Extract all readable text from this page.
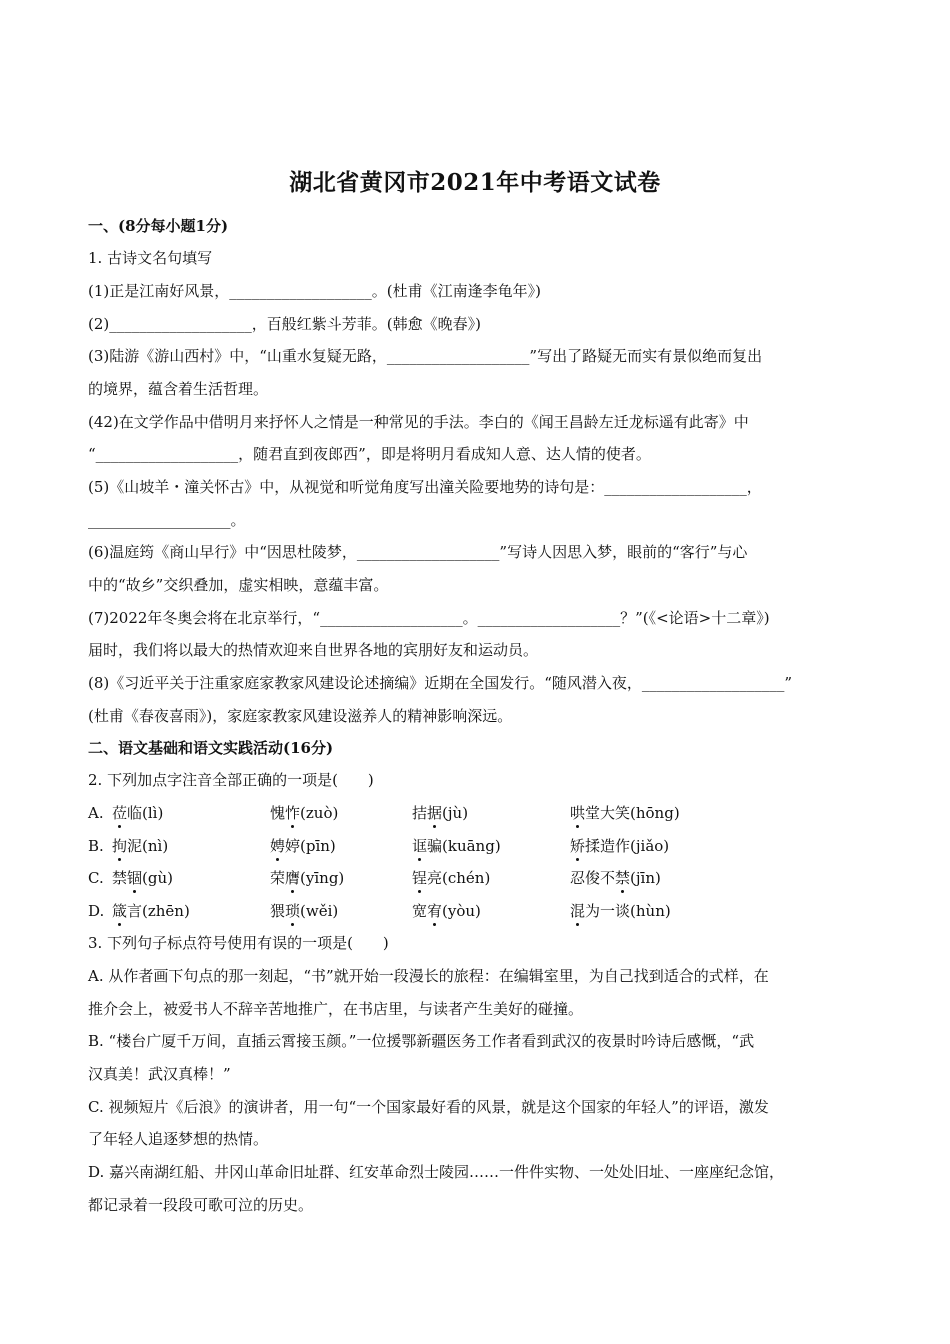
湖北省黄冈市2021年中考语文试卷
一、(8分每小题1分)
1. 古诗文名句填写
(1)正是江南好风景，___________________。(杜甫《江南逢李龟年》)
(2)___________________，百般红紫斗芳菲。(韩愈《晚春》)
(3)陆游《游山西村》中，“山重水复疑无路，___________________”写出了路疑无而实有景似绝而复出
的境界，蕴含着生活哲理。
(42)在文学作品中借明月来抒怀人之情是一种常见的手法。李白的《闻王昌龄左迁龙标遥有此寄》中
“___________________，随君直到夜郎西”，即是将明月看成知人意、达人情的使者。
(5)《山坡羊・潼关怀古》中，从视觉和听觉角度写出潼关险要地势的诗句是：___________________，
___________________。
(6)温庭筠《商山早行》中“因思杜陵梦，___________________”写诗人因思入梦，眼前的“客行”与心
中的“故乡”交织叠加，虚实相映，意蕴丰富。
(7)2022年冬奥会将在北京举行，“___________________。___________________？”(《<论语>十二章》)
届时，我们将以最大的热情欢迎来自世界各地的宾朋好友和运动员。
(8)《习近平关于注重家庭家教家风建设论述摘编》近期在全国发行。“随风潜入夜，___________________”
(杜甫《春夜喜雨》)，家庭家教家风建设滋养人的精神影响深远。
二、语文基础和语文实践活动(16分)
2. 下列加点字注音全部正确的一项是(　　)
A. 莅临(lì)	愧怍(zuò)	拮据(jù)	哄堂大笑(hōng)
B. 拘泥(nì)	娉婷(pīn)	诓骗(kuāng)	矫揉造作(jiǎo)
C. 禁锢(gù)	荣膺(yīng)	锃亮(chén)	忍俊不禁(jīn)
D. 箴言(zhēn)	猥琐(wěi)	宽宥(yòu)	混为一谈(hùn)
3. 下列句子标点符号使用有误的一项是(　　)
A. 从作者画下句点的那一刻起，“书”就开始一段漫长的旅程：在编辑室里，为自己找到适合的式样，在
推介会上，被爱书人不辞辛苦地推广，在书店里，与读者产生美好的碰撞。
B. “楼台广厦千万间，直插云霄接玉颜。”一位援鄂新疆医务工作者看到武汉的夜景时吟诗后感慨，“武
汉真美！武汉真棒！”
C. 视频短片《后浪》的演讲者，用一句“一个国家最好看的风景，就是这个国家的年轻人”的评语，激发
了年轻人追逐梦想的热情。
D. 嘉兴南湖红船、井冈山革命旧址群、红安革命烈士陵园……一件件实物、一处处旧址、一座座纪念馆，
都记录着一段段可歌可泣的历史。
